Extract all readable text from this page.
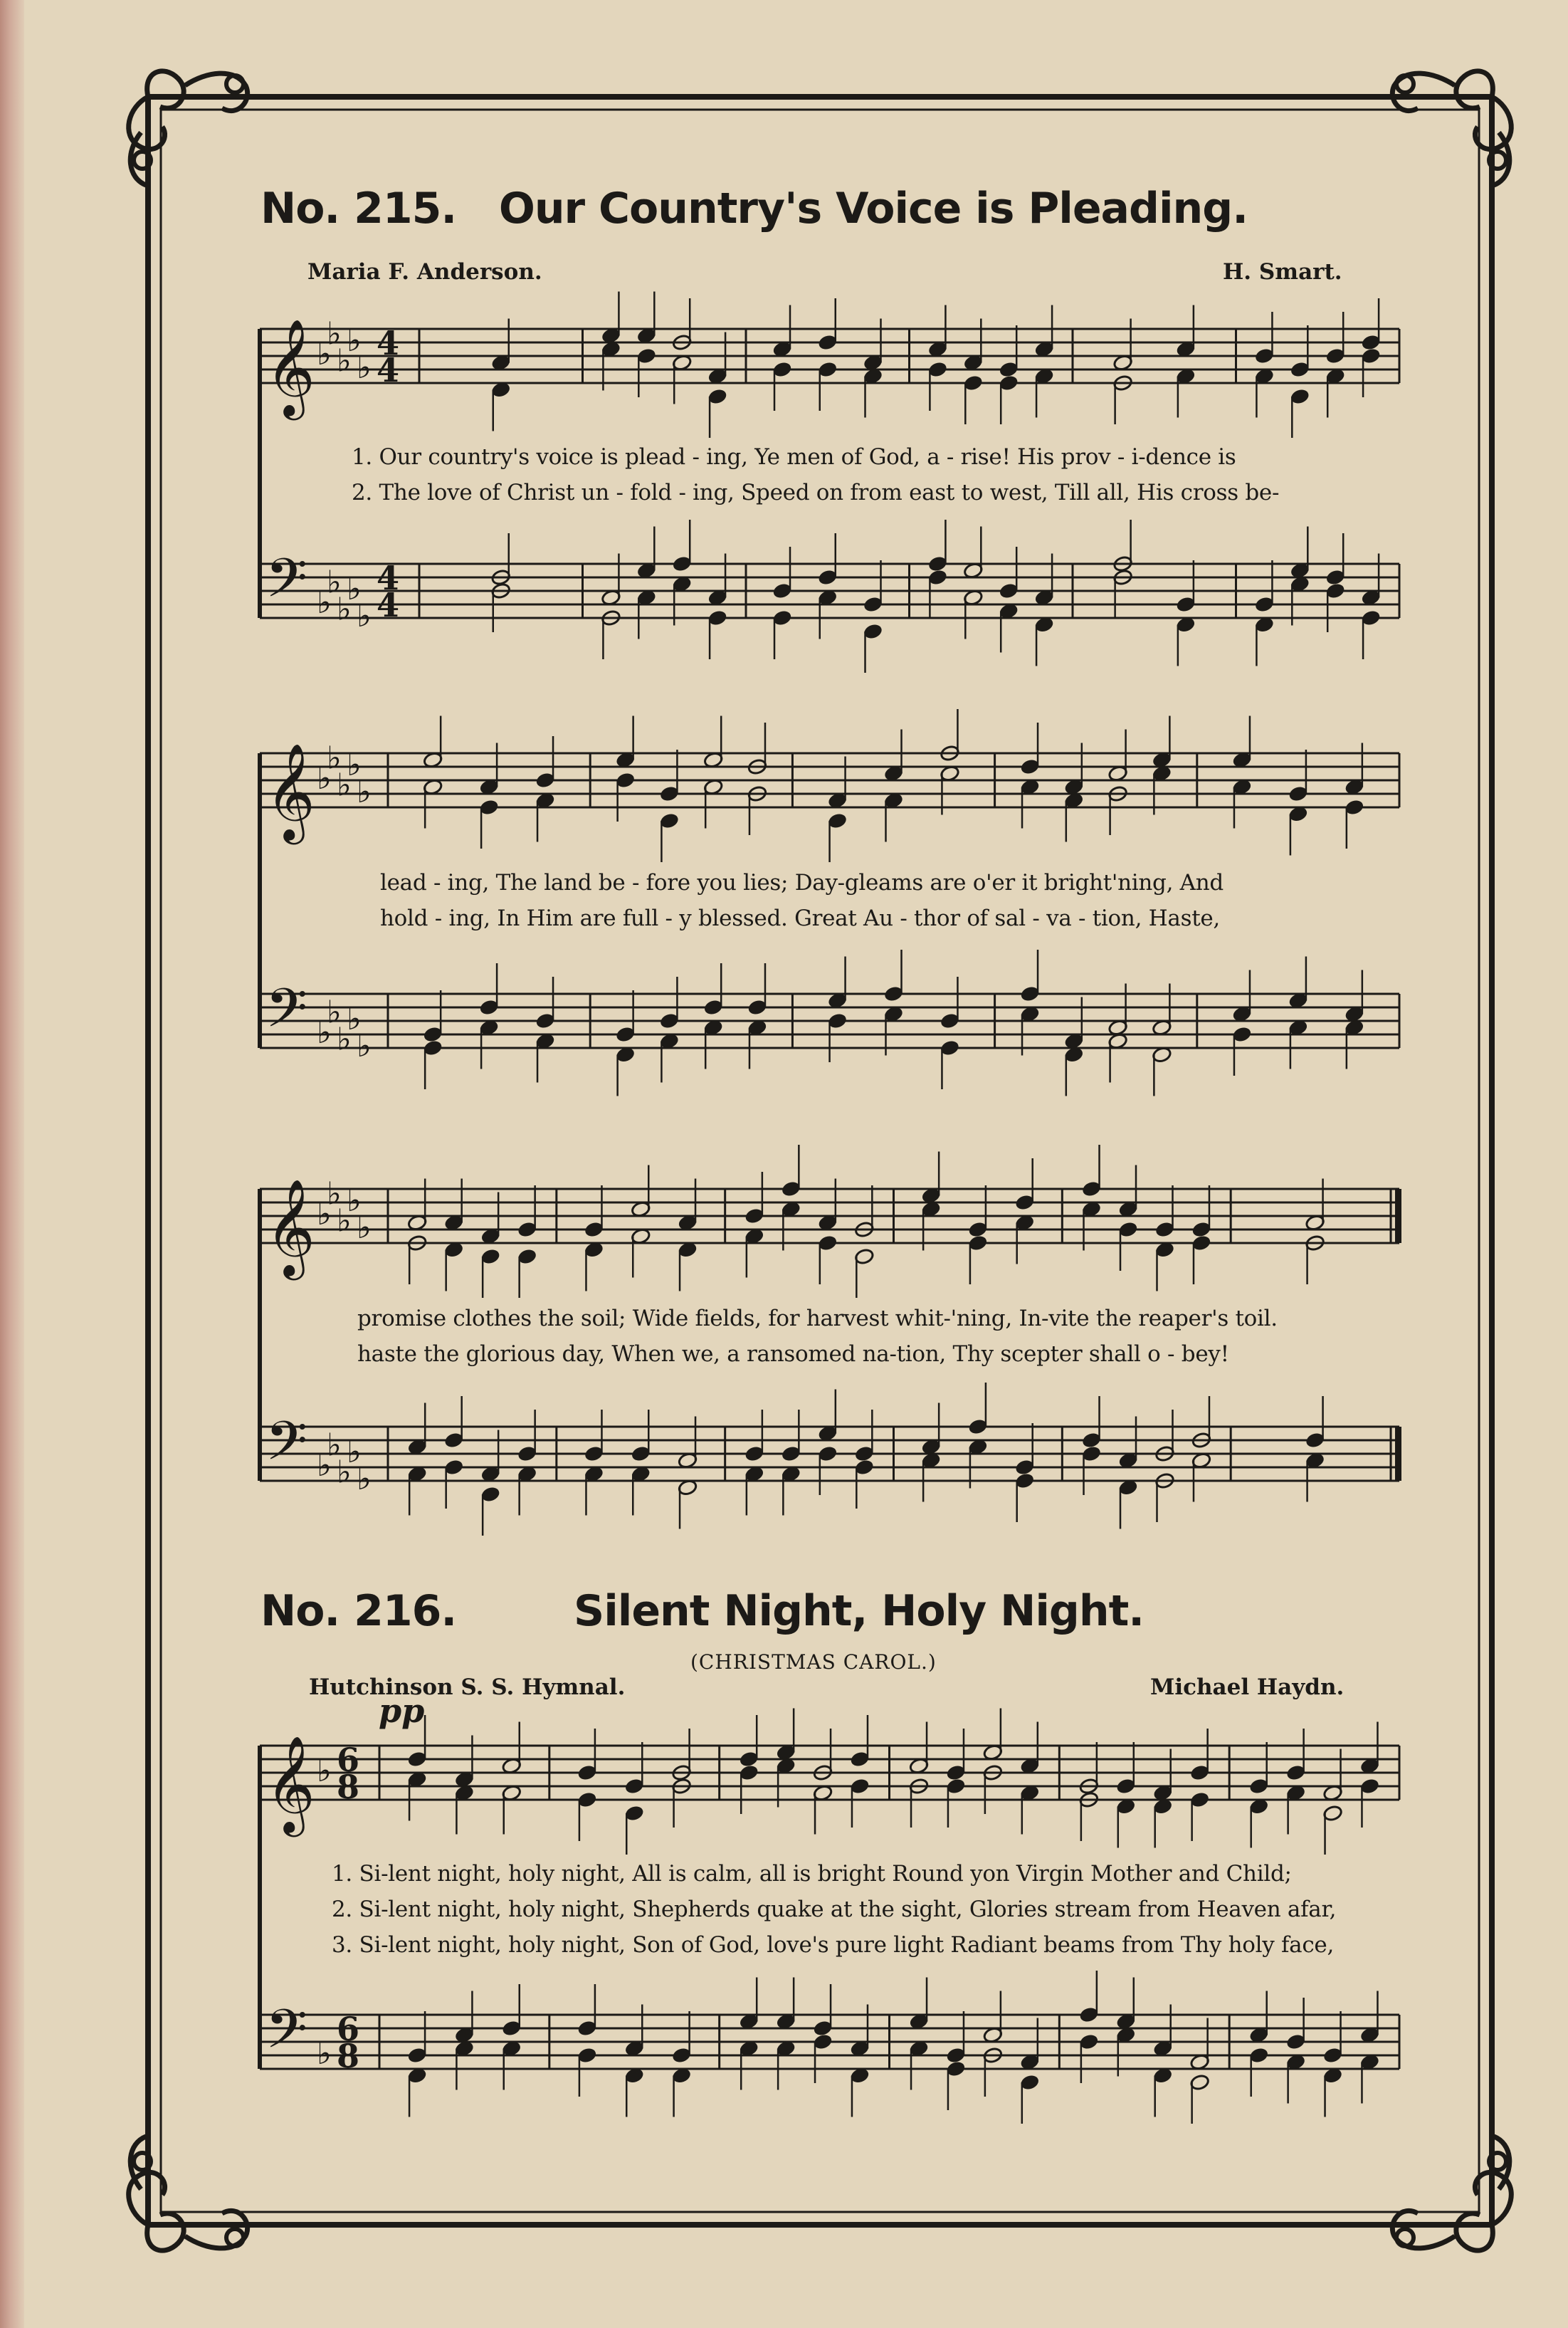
𝄞 ♭
♭
♭
♭
♭
4
4
𝄢 ♭
♭
♭
♭
♭
4
4
𝄞 ♭
♭
♭
♭
♭
𝄢 ♭
♭
♭
♭
♭
𝄞 ♭
♭
♭
♭
♭
𝄢 ♭
♭
♭
♭
♭
𝄞 ♭ 6
8
𝄢 ♭
6
8
No. 215. Our Country's Voice is Pleading.
Maria F. Anderson.	H. Smart.
1. Our country's voice is plead - ing, Ye men of God, a - rise! His prov - i-dence is
2. The love of Christ un - fold - ing, Speed on from east to west, Till all, His cross be-
lead - ing, The land be - fore you lies; Day-gleams are o'er it bright'ning, And
hold - ing, In Him are full - y blessed. Great Au - thor of sal - va - tion, Haste,
promise clothes the soil; Wide fields, for harvest whit-'ning, In-vite the reaper's toil.
haste the glorious day, When we, a ransomed na-tion, Thy scepter shall o - bey!
No. 216.	Silent Night, Holy Night.
(CHRISTMAS CAROL.)
Hutchinson S. S. Hymnal.	Michael Haydn.
pp
1. Si-lent night, holy night, All is calm, all is bright Round yon Virgin Mother and Child;
2. Si-lent night, holy night, Shepherds quake at the sight, Glories stream from Heaven afar,
3. Si-lent night, holy night, Son of God, love's pure light Radiant beams from Thy holy face,
